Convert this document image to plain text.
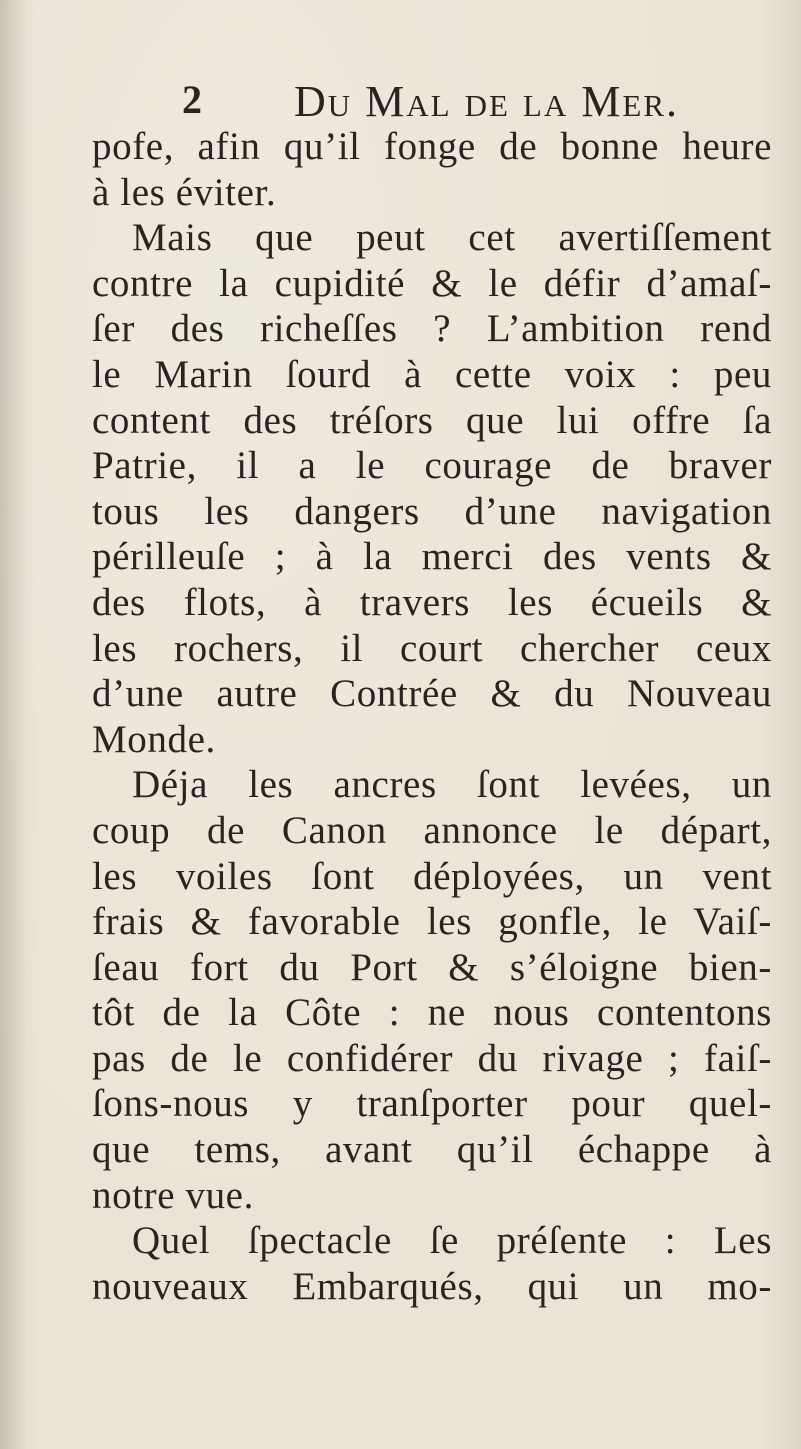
2 Du Mal de la Mer.
pofe, afin qu’il fonge de bonne heure
à les éviter.
Mais que peut cet avertiſſement
contre la cupidité & le défir d’amaſ-
ſer des richeſſes ? L’ambition rend
le Marin ſourd à cette voix : peu
content des tréſors que lui offre ſa
Patrie, il a le courage de braver
tous les dangers d’une navigation
périlleuſe ; à la merci des vents &
des flots, à travers les écueils &
les rochers, il court chercher ceux
d’une autre Contrée & du Nouveau
Monde.
Déja les ancres ſont levées, un
coup de Canon annonce le départ,
les voiles ſont déployées, un vent
frais & favorable les gonfle, le Vaiſ-
ſeau fort du Port & s’éloigne bien-
tôt de la Côte : ne nous contentons
pas de le confidérer du rivage ; faiſ-
ſons-nous y tranſporter pour quel-
que tems, avant qu’il échappe à
notre vue.
Quel ſpectacle ſe préſente : Les
nouveaux Embarqués, qui un mo-
